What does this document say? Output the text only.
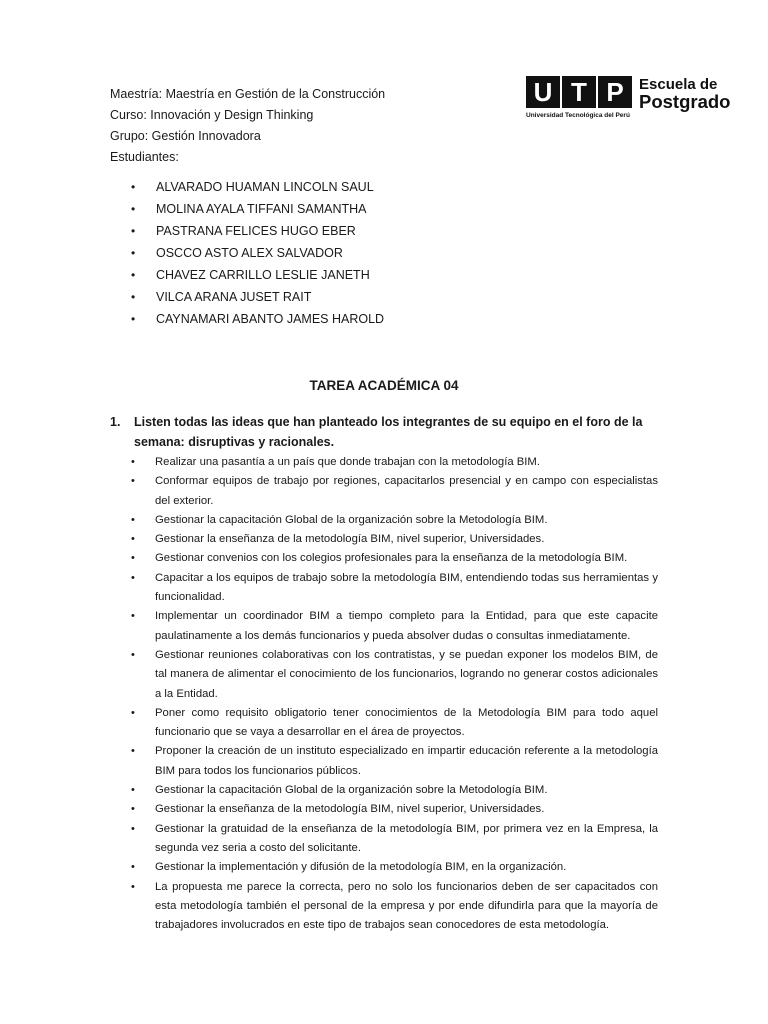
Maestría: Maestría en Gestión de la Construcción
Curso: Innovación y Design Thinking
Grupo: Gestión Innovadora
Estudiantes:
U T P
Universidad Tecnológica del Perú
Escuela de
Postgrado
• ALVARADO HUAMAN LINCOLN SAUL
• MOLINA AYALA TIFFANI SAMANTHA
• PASTRANA FELICES HUGO EBER
• OSCCO ASTO ALEX SALVADOR
• CHAVEZ CARRILLO LESLIE JANETH
• VILCA ARANA JUSET RAIT
• CAYNAMARI ABANTO JAMES HAROLD
TAREA ACADÉMICA 04
1. Listen todas las ideas que han planteado los integrantes de su equipo en el foro de la semana: disruptivas y racionales.
• Realizar una pasantía a un país que donde trabajan con la metodología BIM.
• Conformar equipos de trabajo por regiones, capacitarlos presencial y en campo con especialistas del exterior.
• Gestionar la capacitación Global de la organización sobre la Metodología BIM.
• Gestionar la enseñanza de la metodología BIM, nivel superior, Universidades.
• Gestionar convenios con los colegios profesionales para la enseñanza de la metodología BIM.
• Capacitar a los equipos de trabajo sobre la metodología BIM, entendiendo todas sus herramientas y funcionalidad.
• Implementar un coordinador BIM a tiempo completo para la Entidad, para que este capacite paulatinamente a los demás funcionarios y pueda absolver dudas o consultas inmediatamente.
• Gestionar reuniones colaborativas con los contratistas, y se puedan exponer los modelos BIM, de tal manera de alimentar el conocimiento de los funcionarios, logrando no generar costos adicionales a la Entidad.
• Poner como requisito obligatorio tener conocimientos de la Metodología BIM para todo aquel funcionario que se vaya a desarrollar en el área de proyectos.
• Proponer la creación de un instituto especializado en impartir educación referente a la metodología BIM para todos los funcionarios públicos.
• Gestionar la capacitación Global de la organización sobre la Metodología BIM.
• Gestionar la enseñanza de la metodología BIM, nivel superior, Universidades.
• Gestionar la gratuidad de la enseñanza de la metodología BIM, por primera vez en la Empresa, la segunda vez seria a costo del solicitante.
• Gestionar la implementación y difusión de la metodología BIM, en la organización.
• La propuesta me parece la correcta, pero no solo los funcionarios deben de ser capacitados con esta metodología también el personal de la empresa y por ende difundirla para que la mayoría de trabajadores involucrados en este tipo de trabajos sean conocedores de esta metodología.
